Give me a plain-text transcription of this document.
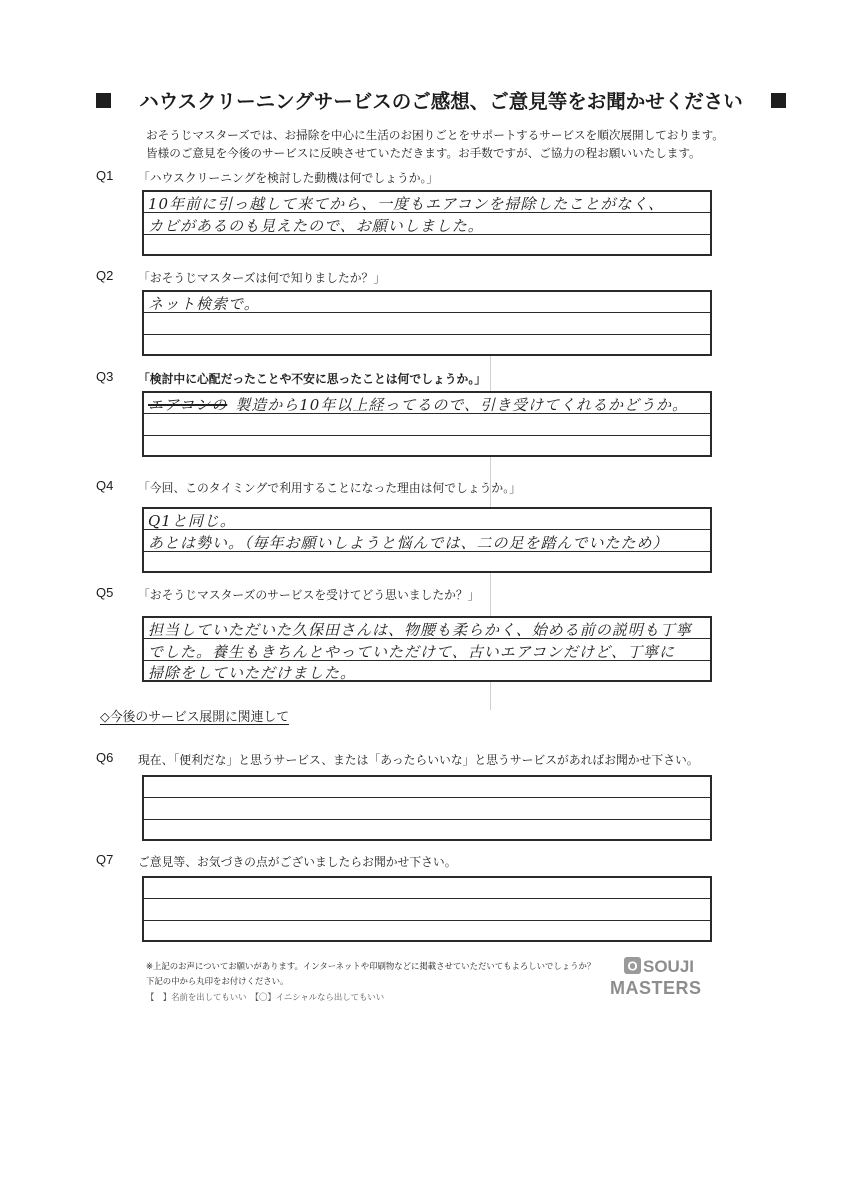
ハウスクリーニングサービスのご感想、ご意見等をお聞かせください
おそうじマスターズでは、お掃除を中心に生活のお困りごとをサポートするサービスを順次展開しております。
皆様のご意見を今後のサービスに反映させていただきます。お手数ですが、ご協力の程お願いいたします。
Q1 「ハウスクリーニングを検討した動機は何でしょうか。」
10年前に引っ越して来てから、一度もエアコンを掃除したことがなく、
カビがあるのも見えたので、お願いしました。
Q2 「おそうじマスターズは何で知りましたか？」
ネット検索で。
Q3 「検討中に心配だったことや不安に思ったことは何でしょうか。」
エアコンの 製造から10年以上経ってるので、引き受けてくれるかどうか。
Q4 「今回、このタイミングで利用することになった理由は何でしょうか。」
Q1と同じ。
あとは勢い。（毎年お願いしようと悩んでは、二の足を踏んでいたため）
Q5 「おそうじマスターズのサービスを受けてどう思いましたか？」
担当していただいた久保田さんは、物腰も柔らかく、始める前の説明も丁寧
でした。養生もきちんとやっていただけて、古いエアコンだけど、丁寧に
掃除をしていただけました。
◇今後のサービス展開に関連して
Q6 現在、「便利だな」と思うサービス、または「あったらいいな」と思うサービスがあればお聞かせ下さい。
Q7 ご意見等、お気づきの点がございましたらお聞かせ下さい。
※上記のお声についてお願いがあります。インターネットや印刷物などに掲載させていただいてもよろしいでしょうか？
下記の中から丸印をお付けください。
【　】名前を出してもいい　【〇】イニシャルなら出してもいい
O SOUJI
MASTERS
